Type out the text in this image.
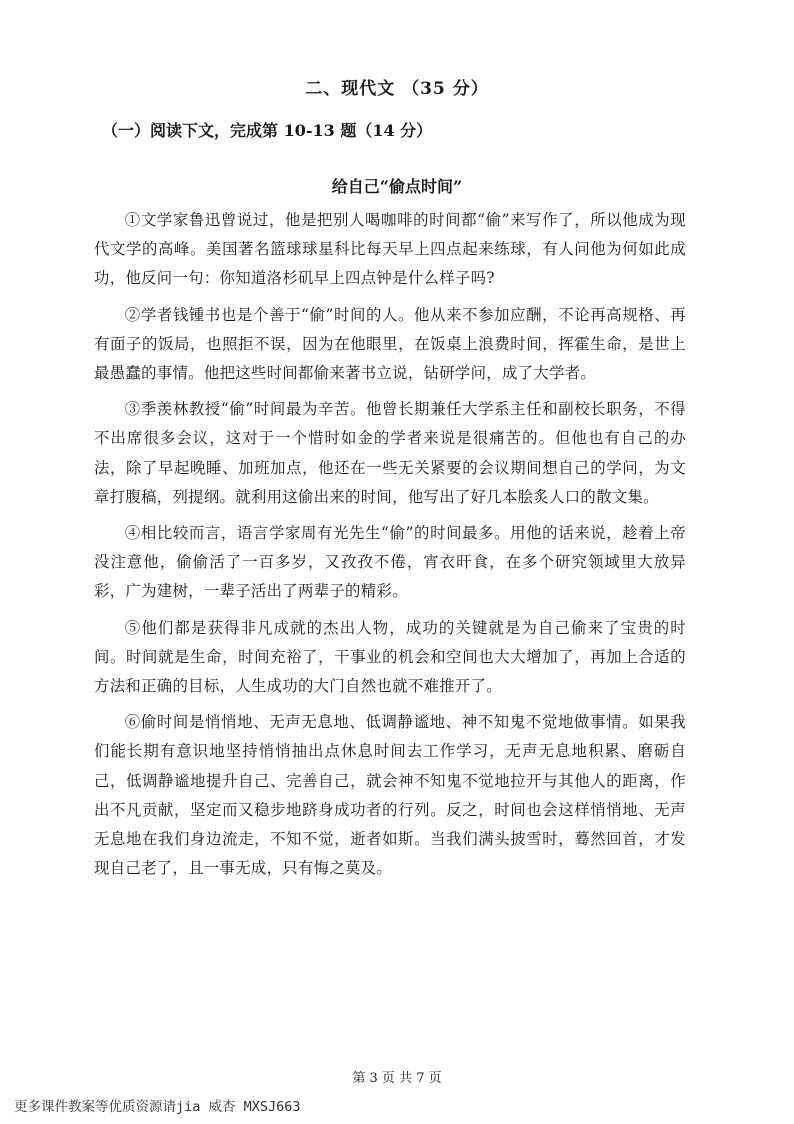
二、现代文 （35 分）
（一）阅读下文，完成第 10-13 题（14 分）
给自己“偷点时间”

①文学家鲁迅曾说过，他是把别人喝咖啡的时间都“偷”来写作了，所以他成为现代文学的高峰。美国著名篮球球星科比每天早上四点起来练球，有人问他为何如此成功，他反问一句：你知道洛杉矶早上四点钟是什么样子吗?

②学者钱锺书也是个善于“偷”时间的人。他从来不参加应酬，不论再高规格、再有面子的饭局，也照拒不误，因为在他眼里，在饭桌上浪费时间，挥霍生命，是世上最愚蠢的事情。他把这些时间都偷来著书立说，钻研学问，成了大学者。

③季羡林教授“偷”时间最为辛苦。他曾长期兼任大学系主任和副校长职务，不得不出席很多会议，这对于一个惜时如金的学者来说是很痛苦的。但他也有自己的办法，除了早起晚睡、加班加点，他还在一些无关紧要的会议期间想自己的学问，为文章打腹稿，列提纲。就利用这偷出来的时间，他写出了好几本脍炙人口的散文集。

④相比较而言，语言学家周有光先生“偷”的时间最多。用他的话来说，趁着上帝没注意他，偷偷活了一百多岁，又孜孜不倦，宵衣旰食，在多个研究领域里大放异彩，广为建树，一辈子活出了两辈子的精彩。

⑤他们都是获得非凡成就的杰出人物，成功的关键就是为自己偷来了宝贵的时间。时间就是生命，时间充裕了，干事业的机会和空间也大大增加了，再加上合适的方法和正确的目标，人生成功的大门自然也就不难推开了。

⑥偷时间是悄悄地、无声无息地、低调静谧地、神不知鬼不觉地做事情。如果我们能长期有意识地坚持悄悄抽出点休息时间去工作学习，无声无息地积累、磨砺自己，低调静谧地提升自己、完善自己，就会神不知鬼不觉地拉开与其他人的距离，作出不凡贡献，坚定而又稳步地跻身成功者的行列。反之，时间也会这样悄悄地、无声无息地在我们身边流走，不知不觉，逝者如斯。当我们满头披雪时，蓦然回首，才发现自己老了，且一事无成，只有悔之莫及。

第 3 页 共 7 页
更多课件教案等优质资源请jia 威杏 MXSJ663
